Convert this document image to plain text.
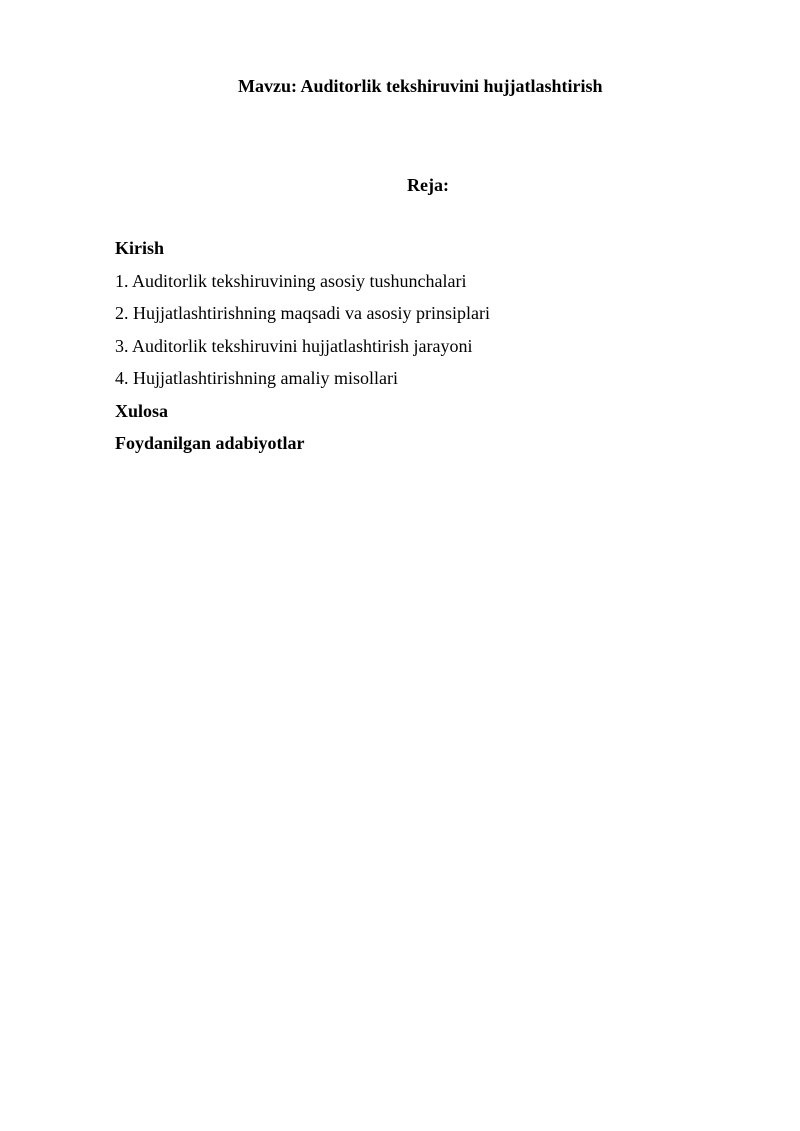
Mavzu: Auditorlik tekshiruvini hujjatlashtirish
Reja:
Kirish
1. Auditorlik tekshiruvining asosiy tushunchalari
2. Hujjatlashtirishning maqsadi va asosiy prinsiplari
3. Auditorlik tekshiruvini hujjatlashtirish jarayoni
4. Hujjatlashtirishning amaliy misollari
Xulosa
Foydanilgan adabiyotlar
